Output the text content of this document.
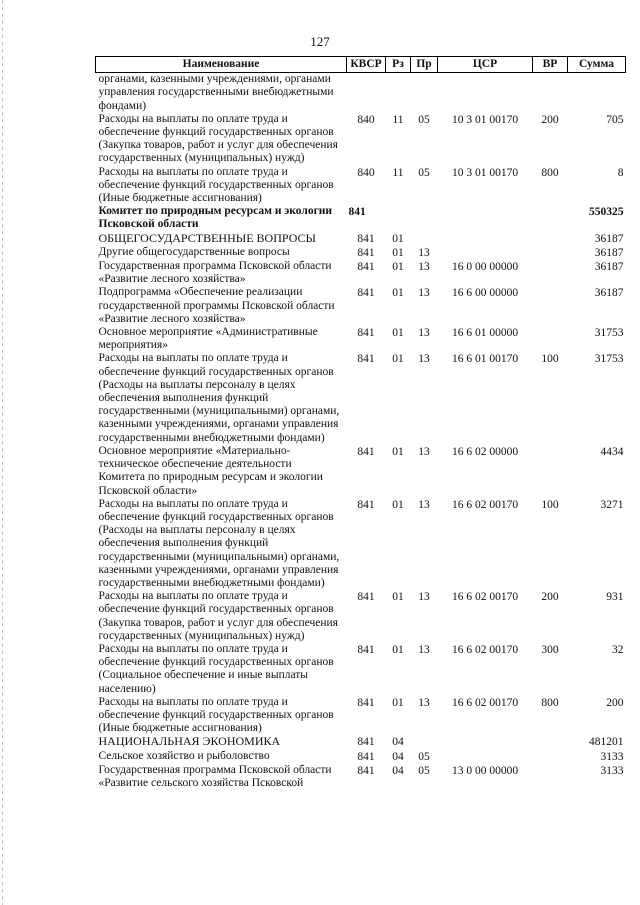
127
Наименование	КВСР	Рз	Пр	ЦСР	ВР	Сумма
органами, казенными учреждениями, органами управления государственными внебюджетными фондами)						
Расходы на выплаты по оплате труда и обеспечение функций государственных органов (Закупка товаров, работ и услуг для обеспечения государственных (муниципальных) нужд)	840	11	05	10 3 01 00170	200	705
Расходы на выплаты по оплате труда и обеспечение функций государственных органов (Иные бюджетные ассигнования)	840	11	05	10 3 01 00170	800	8
Комитет по природным ресурсам и экологии Псковской области	841					550325
ОБЩЕГОСУДАРСТВЕННЫЕ ВОПРОСЫ	841	01				36187
Другие общегосударственные вопросы	841	01	13			36187
Государственная программа Псковской области «Развитие лесного хозяйства»	841	01	13	16 0 00 00000		36187
Подпрограмма «Обеспечение реализации государственной программы Псковской области «Развитие лесного хозяйства»	841	01	13	16 6 00 00000		36187
Основное мероприятие «Административные мероприятия»	841	01	13	16 6 01 00000		31753
Расходы на выплаты по оплате труда и обеспечение функций государственных органов (Расходы на выплаты персоналу в целях обеспечения выполнения функций государственными (муниципальными) органами, казенными учреждениями, органами управления государственными внебюджетными фондами)	841	01	13	16 6 01 00170	100	31753
Основное мероприятие «Материально-техническое обеспечение деятельности Комитета по природным ресурсам и экологии Псковской области»	841	01	13	16 6 02 00000		4434
Расходы на выплаты по оплате труда и обеспечение функций государственных органов (Расходы на выплаты персоналу в целях обеспечения выполнения функций государственными (муниципальными) органами, казенными учреждениями, органами управления государственными внебюджетными фондами)	841	01	13	16 6 02 00170	100	3271
Расходы на выплаты по оплате труда и обеспечение функций государственных органов (Закупка товаров, работ и услуг для обеспечения государственных (муниципальных) нужд)	841	01	13	16 6 02 00170	200	931
Расходы на выплаты по оплате труда и обеспечение функций государственных органов (Социальное обеспечение и иные выплаты населению)	841	01	13	16 6 02 00170	300	32
Расходы на выплаты по оплате труда и обеспечение функций государственных органов (Иные бюджетные ассигнования)	841	01	13	16 6 02 00170	800	200
НАЦИОНАЛЬНАЯ ЭКОНОМИКА	841	04				481201
Сельское хозяйство и рыболовство	841	04	05			3133
Государственная программа Псковской области «Развитие сельского хозяйства Псковской	841	04	05	13 0 00 00000		3133
